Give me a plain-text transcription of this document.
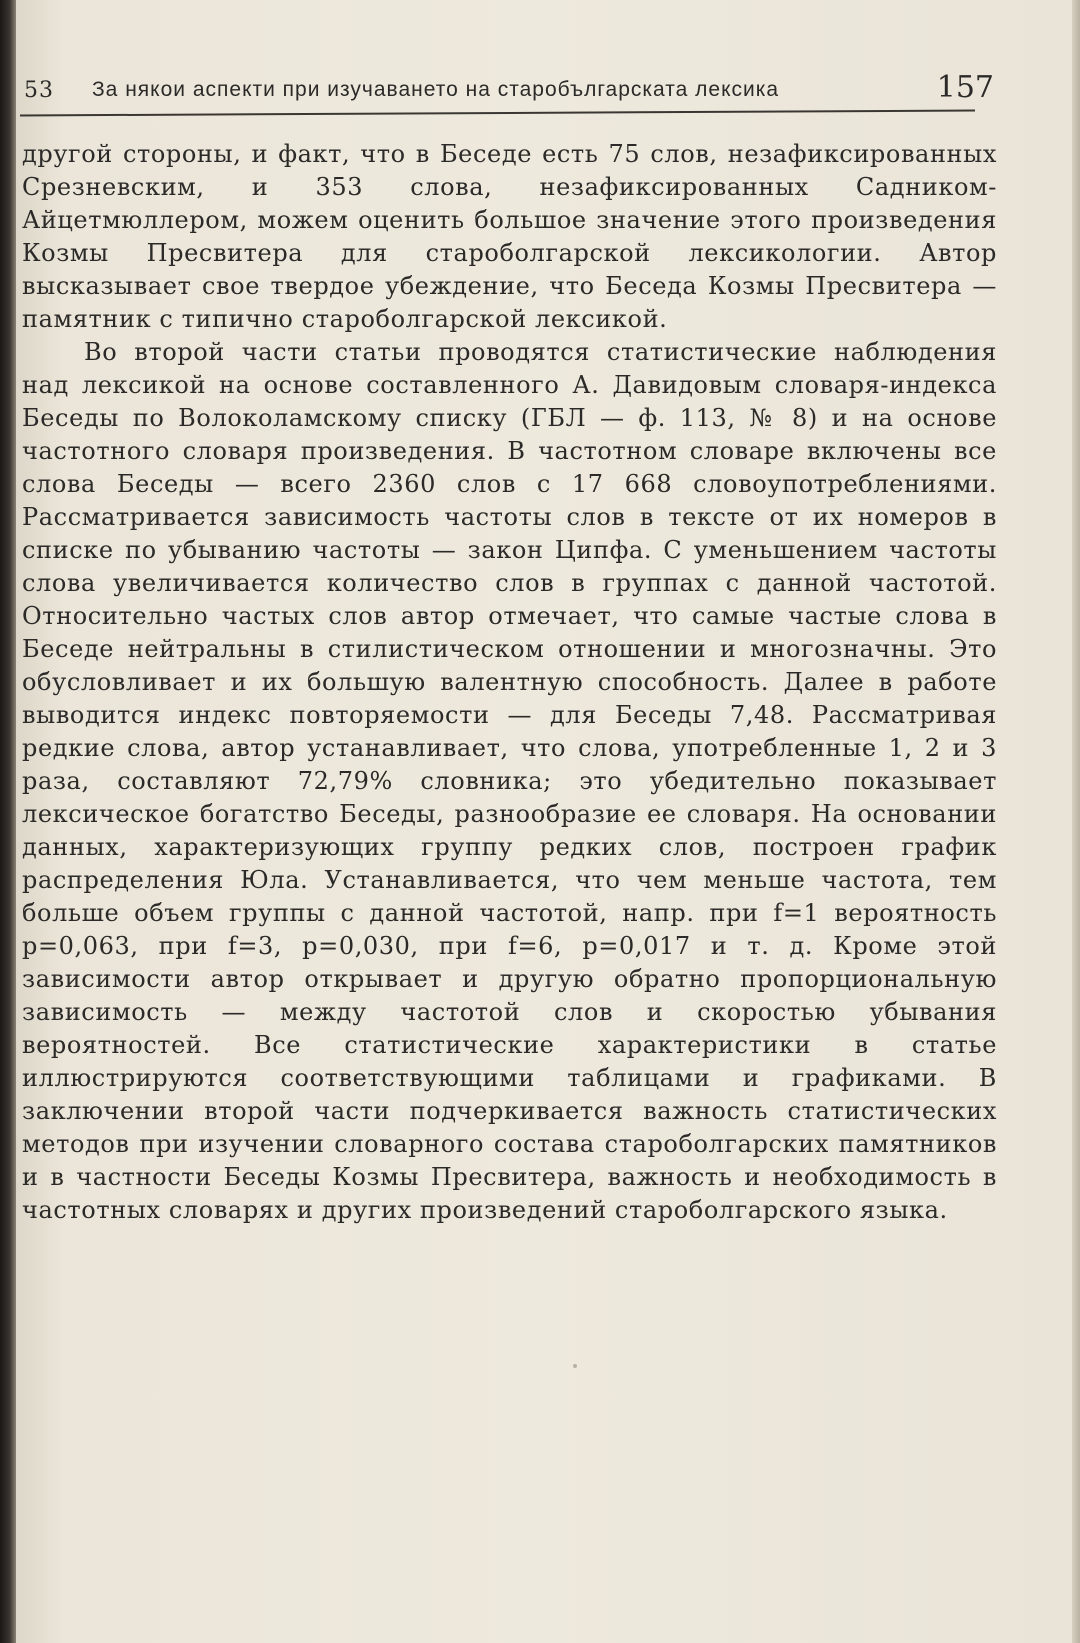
53 За някои аспекти при изучаването на старобългарската лексика	157

другой стороны, и факт, что в Беседе есть 75 слов, незафиксированных Срезневским, и 353 слова, незафиксированных Садником-Айцетмюллером, можем оценить большое значение этого произведения Козмы Пресвитера для староболгарской лексикологии. Автор высказывает свое твердое убеждение, что Беседа Козмы Пресвитера — памятник с типично староболгарской лексикой.

Во второй части статьи проводятся статистические наблюдения над лексикой на основе составленного А. Давидовым словаря-индекса Беседы по Волоколамскому списку (ГБЛ — ф. 113, № 8) и на основе частотного словаря произведения. В частотном словаре включены все слова Беседы — всего 2360 слов с 17 668 словоупотреблениями. Рассматривается зависимость частоты слов в тексте от их номеров в списке по убыванию частоты — закон Ципфа. С уменьшением частоты слова увеличивается количество слов в группах с данной частотой. Относительно частых слов автор отмечает, что самые частые слова в Беседе нейтральны в стилистическом отношении и многозначны. Это обусловливает и их большую валентную способность. Далее в работе выводится индекс повторяемости — для Беседы 7,48. Рассматривая редкие слова, автор устанавливает, что слова, употребленные 1, 2 и 3 раза, составляют 72,79% словника; это убедительно показывает лексическое богатство Беседы, разнообразие ее словаря. На основании данных, характеризующих группу редких слов, построен график распределения Юла. Устанавливается, что чем меньше частота, тем больше объем группы с данной частотой, напр. при f=1 вероятность p=0,063, при f=3, p=0,030, при f=6, p=0,017 и т. д. Кроме этой зависимости автор открывает и другую обратно пропорциональную зависимость — между частотой слов и скоростью убывания вероятностей. Все статистические характеристики в статье иллюстрируются соответствующими таблицами и графиками. В заключении второй части подчеркивается важность статистических методов при изучении словарного состава староболгарских памятников и в частности Беседы Козмы Пресвитера, важность и необходимость в частотных словарях и других произведений староболгарского языка.
